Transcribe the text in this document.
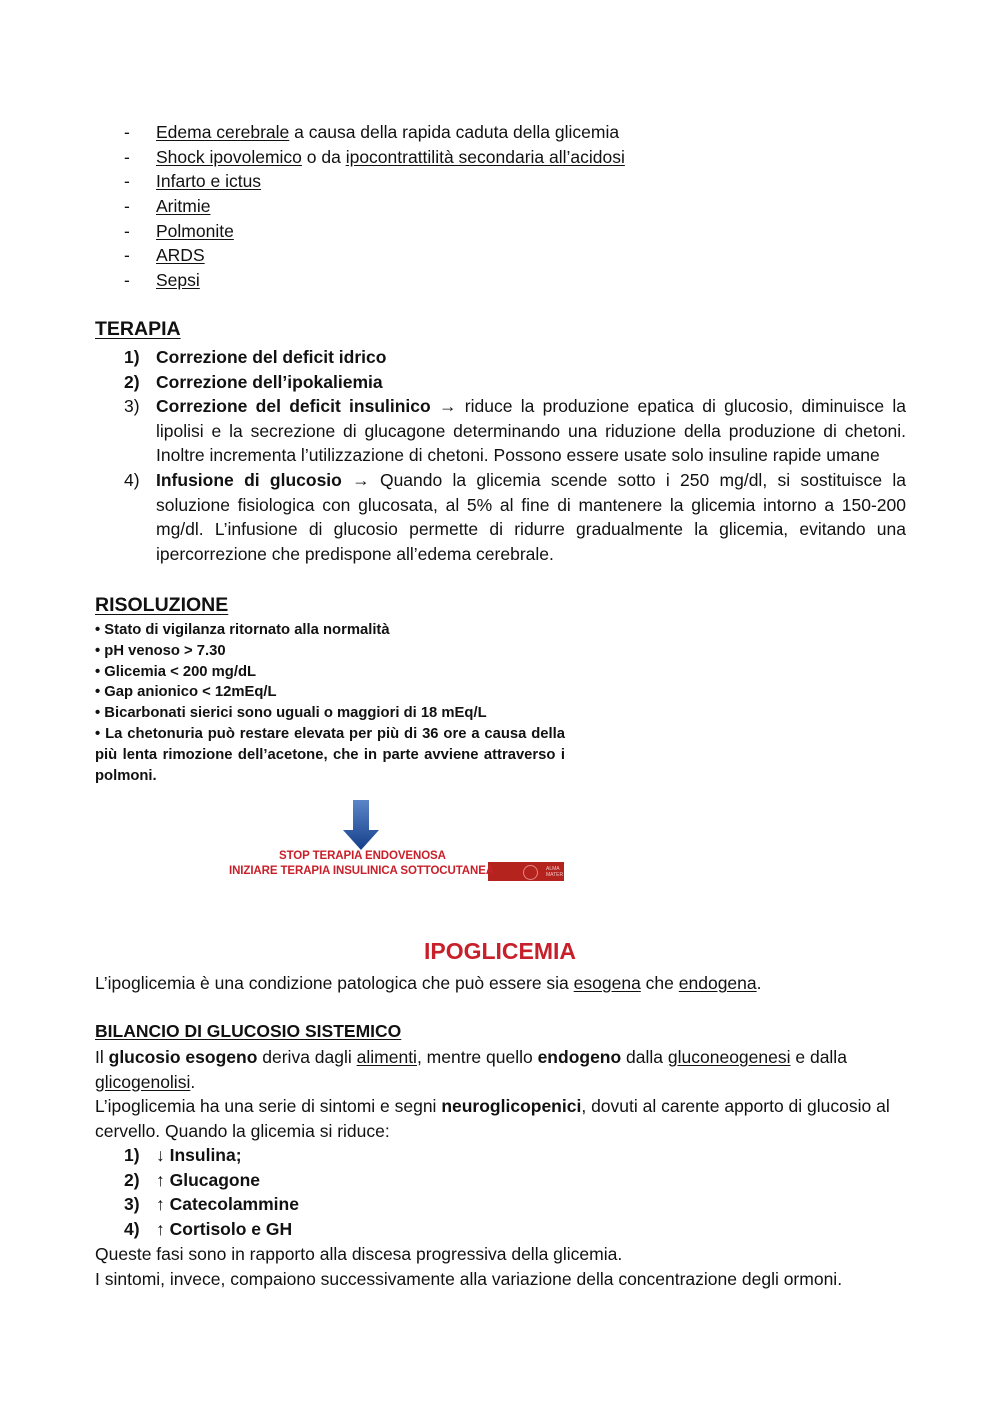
-	Edema cerebrale a causa della rapida caduta della glicemia
-	Shock ipovolemico o da ipocontrattilità secondaria all’acidosi
-	Infarto e ictus
-	Aritmie
-	Polmonite
-	ARDS
-	Sepsi
TERAPIA
1) Correzione del deficit idrico
2) Correzione dell’ipokaliemia
3) Correzione del deficit insulinico → riduce la produzione epatica di glucosio, diminuisce la lipolisi e la secrezione di glucagone determinando una riduzione della produzione di chetoni. Inoltre incrementa l’utilizzazione di chetoni. Possono essere usate solo insuline rapide umane
4) Infusione di glucosio → Quando la glicemia scende sotto i 250 mg/dl, si sostituisce la soluzione fisiologica con glucosata, al 5% al fine di mantenere la glicemia intorno a 150-200 mg/dl. L’infusione di glucosio permette di ridurre gradualmente la glicemia, evitando una ipercorrezione che predispone all’edema cerebrale.
RISOLUZIONE
• Stato di vigilanza ritornato alla normalità
• pH venoso > 7.30
• Glicemia < 200 mg/dL
• Gap anionico < 12mEq/L
• Bicarbonati sierici sono uguali o maggiori di 18 mEq/L
• La chetonuria può restare elevata per più di 36 ore a causa della più lenta rimozione dell’acetone, che in parte avviene attraverso i polmoni.
STOP TERAPIA ENDOVENOSA
ALMA
MATER
INIZIARE TERAPIA INSULINICA SOTTOCUTANEA
IPOGLICEMIA

L’ipoglicemia è una condizione patologica che può essere sia esogena che endogena.

BILANCIO DI GLUCOSIO SISTEMICO

Il glucosio esogeno deriva dagli alimenti, mentre quello endogeno dalla gluconeogenesi e dalla glicogenolisi.

L’ipoglicemia ha una serie di sintomi e segni neuroglicopenici, dovuti al carente apporto di glucosio al cervello. Quando la glicemia si riduce:

1) ↓ Insulina;
2) ↑ Glucagone
3) ↑ Catecolammine
4) ↑ Cortisolo e GH

Queste fasi sono in rapporto alla discesa progressiva della glicemia.

I sintomi, invece, compaiono successivamente alla variazione della concentrazione degli ormoni.
